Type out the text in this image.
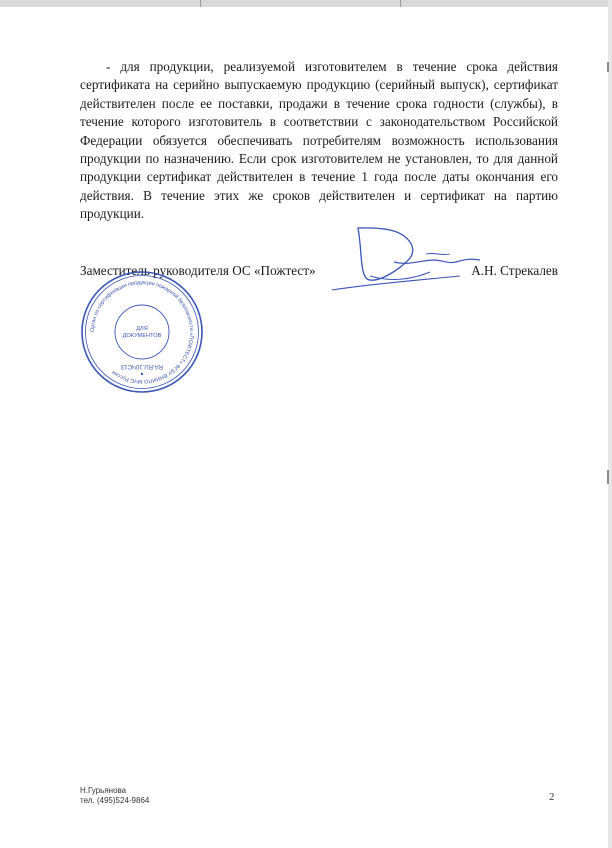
- для продукции, реализуемой изготовителем в течение срока действия сертификата на серийно выпускаемую продукцию (серийный выпуск), сертификат действителен после ее поставки, продажи в течение срока годности (службы), в течение которого изготовитель в соответствии с законодательством Российской Федерации обязуется обеспечивать потребителям возможность использования продукции по назначению. Если срок изготовителем не установлен, то для данной продукции сертификат действителен в течение 1 года после даты окончания его действия. В течение этих же сроков действителен и сертификат на партию продукции.

Заместитель руководителя ОС «Пожтест»	А.Н. Стрекалев
Орган по сертификации продукции пожарной безопасности «ПОЖТЕСТ» ФГБУ ВНИИПО МЧС России
ДЛЯ
ДОКУМЕНТОВ
RA.RU.10ЧС13
Н.Гурьянова
тел. (495)524-9864	2
